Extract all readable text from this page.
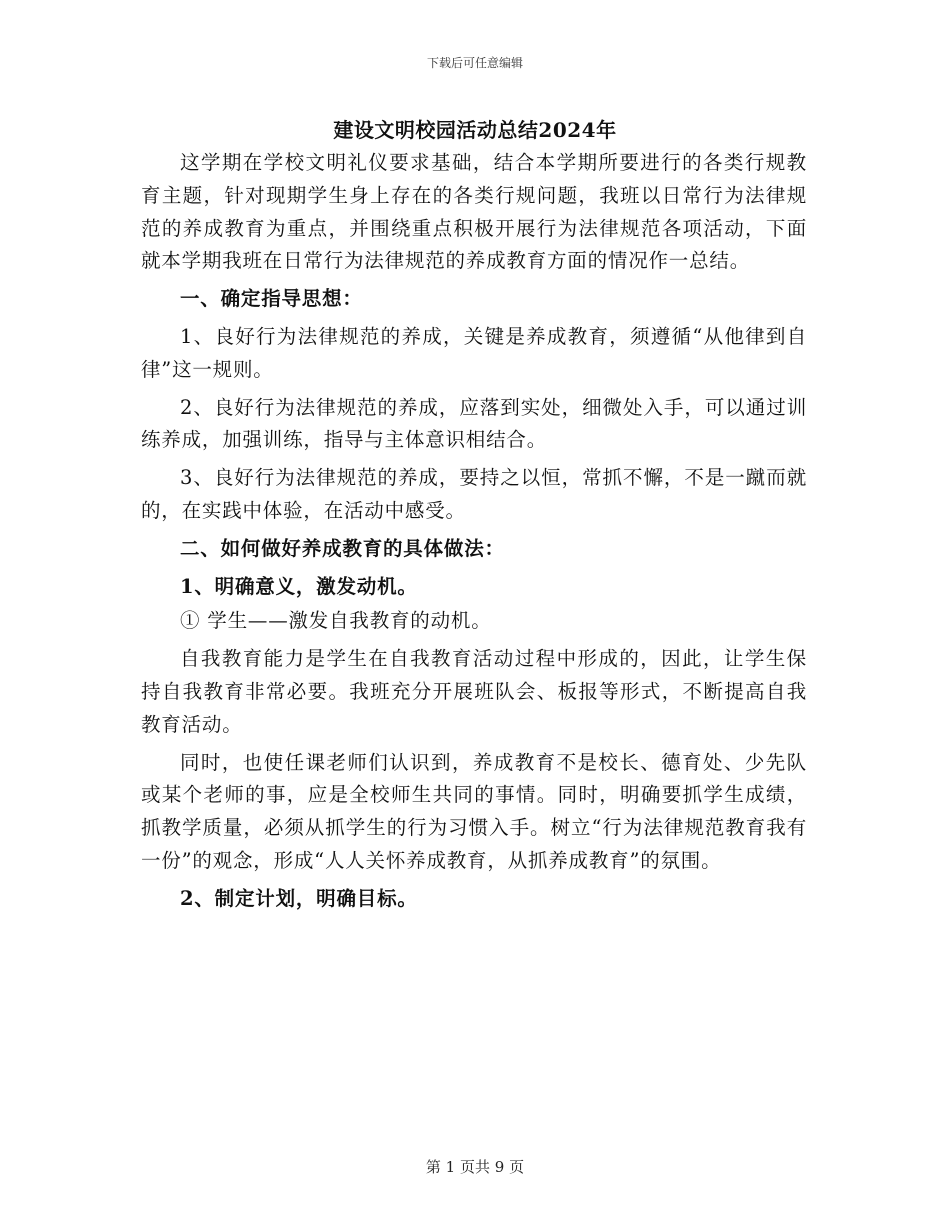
下载后可任意编辑
建设文明校园活动总结2024年

这学期在学校文明礼仪要求基础，结合本学期所要进行的各类行规教育主题，针对现期学生身上存在的各类行规问题，我班以日常行为法律规范的养成教育为重点，并围绕重点积极开展行为法律规范各项活动，下面就本学期我班在日常行为法律规范的养成教育方面的情况作一总结。

一、确定指导思想：

1、良好行为法律规范的养成，关键是养成教育，须遵循“从他律到自律”这一规则。

2、良好行为法律规范的养成，应落到实处，细微处入手，可以通过训练养成，加强训练，指导与主体意识相结合。

3、良好行为法律规范的养成，要持之以恒，常抓不懈，不是一蹴而就的，在实践中体验，在活动中感受。

二、如何做好养成教育的具体做法：

1、明确意义，激发动机。

① 学生——激发自我教育的动机。

自我教育能力是学生在自我教育活动过程中形成的，因此，让学生保持自我教育非常必要。我班充分开展班队会、板报等形式，不断提高自我教育活动。

同时，也使任课老师们认识到，养成教育不是校长、德育处、少先队或某个老师的事，应是全校师生共同的事情。同时，明确要抓学生成绩，抓教学质量，必须从抓学生的行为习惯入手。树立“行为法律规范教育我有一份”的观念，形成“人人关怀养成教育，从抓养成教育”的氛围。

2、制定计划，明确目标。

第 1 页共 9 页
